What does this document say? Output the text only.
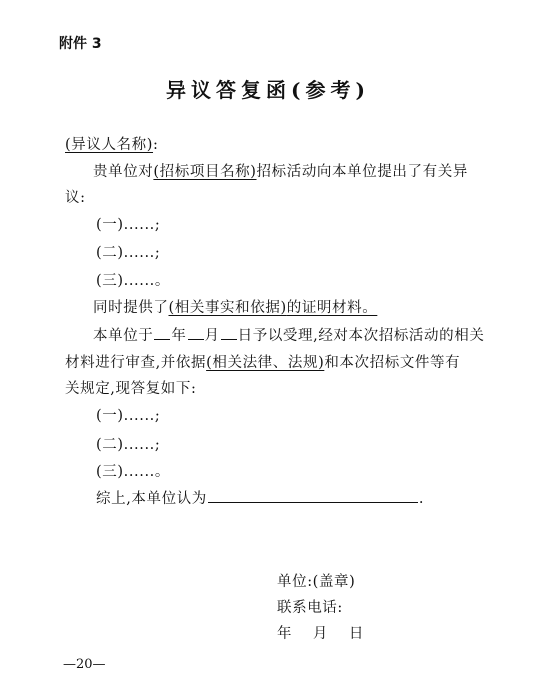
附件 3
异议答复函(参考)
(异议人名称):
贵单位对(招标项目名称)招标活动向本单位提出了有关异
议:
(一)......;
(二)......;
(三)......。
同时提供了(相关事实和依据)的证明材料。
本单位于 年 月 日予以受理,经对本次招标活动的相关
材料进行审查,并依据(相关法律、法规)和本次招标文件等有
关规定,现答复如下:
(一)......;
(二)......;
(三)......。
综上,本单位认为	.
单位:(盖章)
联系电话:
年    月    日
—20—
